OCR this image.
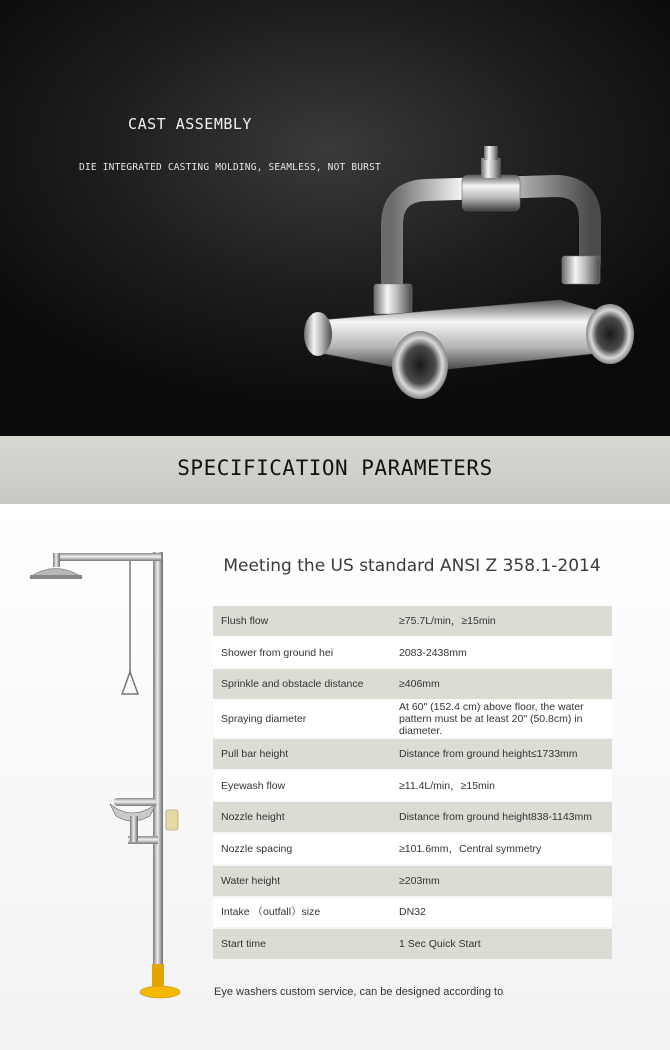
CAST ASSEMBLY
DIE INTEGRATED CASTING MOLDING, SEAMLESS, NOT BURST
SPECIFICATION PARAMETERS
Meeting the US standard ANSI Z 358.1-2014
Flush flow	≥75.7L/min，≥15min

Shower from ground hei	2083-2438mm

Sprinkle and obstacle distance	≥406mm

Spraying diameter	At 60" (152.4 cm) above floor, the water pattern must be at least 20" (50.8cm) in diameter.

Pull bar height	Distance from ground height≤1733mm

Eyewash flow	≥11.4L/min，≥15min

Nozzle height	Distance from ground height838-1143mm

Nozzle spacing	≥101.6mm，Central symmetry

Water height	≥203mm

Intake （outfall）size	DN32

Start time	1 Sec Quick Start

Eye washers custom service, can be designed according to
